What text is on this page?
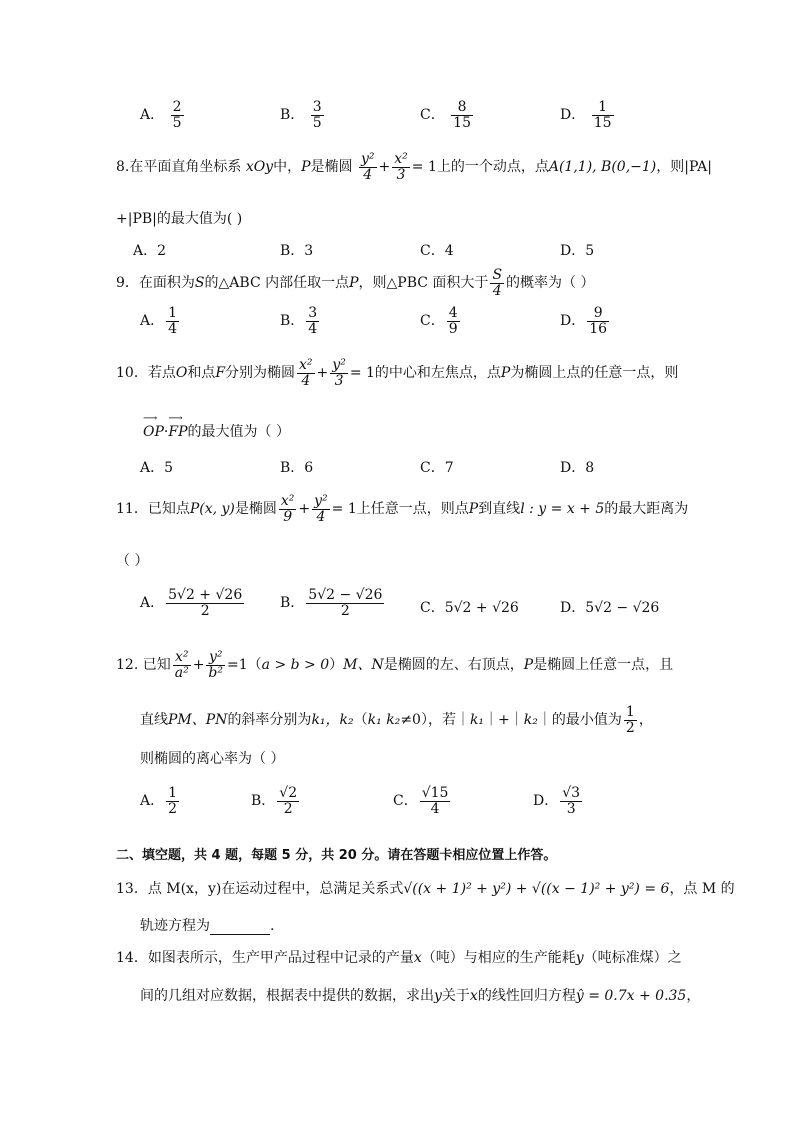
A． $\frac{2}{5}$	B． $\frac{3}{5}$	C． $\frac{8}{15}$	D． $\frac{1}{15}$
8.在平面直角坐标系 xOy中，P是椭圆 $\frac{\text{y²}}{4} + \frac{\text{x²}}{3} = 1$上的一个动点，点A(1,1), B(0,−1)，则|PA|
+|PB|的最大值为( )
A．2	B．3	C．4	D．5
9．在面积为S的△ABC 内部任取一点P，则△PBC 面积大于 $\frac{S}{4}$ 的概率为（ ）
A． $\frac{1}{4}$	B． $\frac{3}{4}$	C． $\frac{4}{9}$	D． $\frac{9}{16}$
10．若点O和点F分别为椭圆 $\frac{\text{x²}}{4} + \frac{\text{y²}}{3} = 1$的中心和左焦点，点P为椭圆上点的任意一点，则
⟶ OP·⟶ FP的最大值为（ ）
A．5	B．6	C．7	D．8
11．已知点P(x, y)是椭圆 $\frac{\text{x²}}{9} + \frac{\text{y²}}{4} = 1$上任意一点，则点P到直线l : y = x + 5的最大距离为
（ ）
A． $\frac{5√2 + √26}{2}$	B． $\frac{5√2 - √26}{2}$	C．5√2 + √26	D．5√2 − √26
12. 已知 $\frac{\text{x²}}{\text{a²}} + \frac{\text{y²}}{\text{b²}} =1(a > b > 0)M$、N是椭圆的左、右顶点，P是椭圆上任意一点，且
直线PM、PN的斜率分别为k₁，k₂（k₁ k₂≠0），若｜k₁｜+｜k₂｜的最小值为 $\frac{1}{2}$ ，
则椭圆的离心率为（ ）
A． $\frac{1}{2}$	B． $\frac{√2}{2}$	C． $\frac{√15}{4}$	D． $\frac{√3}{3}$
二、填空题，共 4 题，每题 5 分，共 20 分。请在答题卡相应位置上作答。
13．点 M(x，y)在运动过程中，总满足关系式√((x + 1)² + y²) + √((x − 1)² + y²) = 6，点 M 的
轨迹方程为	.
14．如图表所示，生产甲产品过程中记录的产量x（吨）与相应的生产能耗y（吨标准煤）之
间的几组对应数据，根据表中提供的数据，求出y关于x的线性回归方程ŷ = 0.7x + 0.35，
